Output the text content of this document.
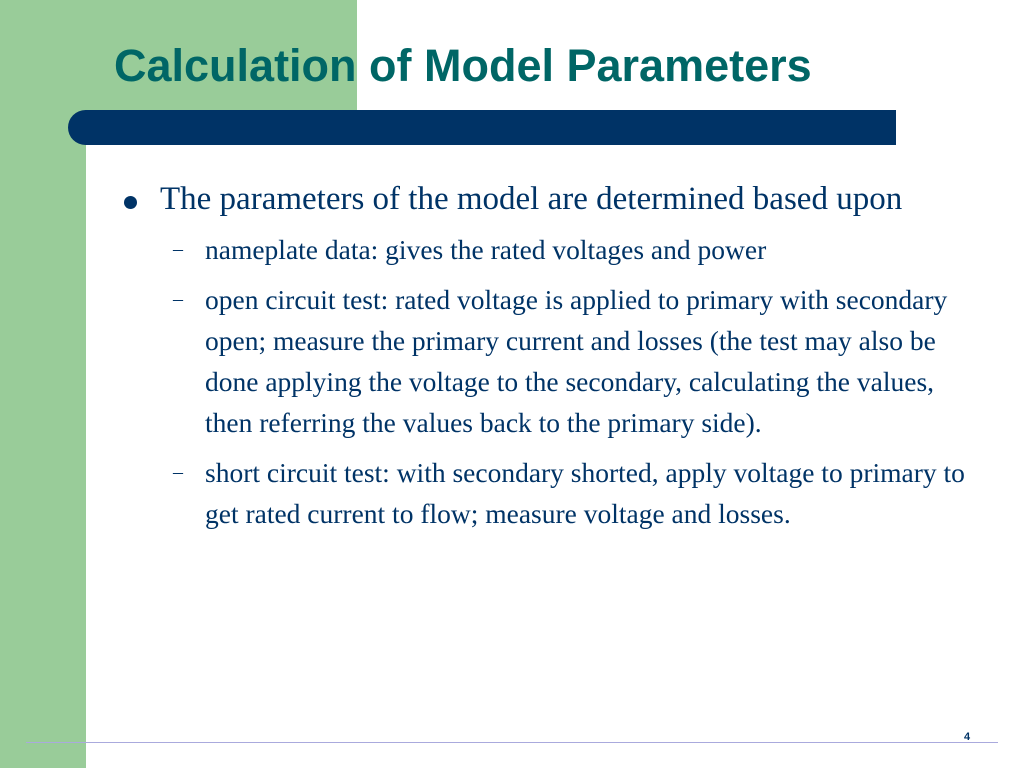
Calculation of Model Parameters
The parameters of the model are determined based upon
– nameplate data: gives the rated voltages and power
– open circuit test: rated voltage is applied to primary with secondary open; measure the primary current and losses (the test may also be done applying the voltage to the secondary, calculating the values, then referring the values back to the primary side).
– short circuit test: with secondary shorted, apply voltage to primary to get rated current to flow; measure voltage and losses.
4
